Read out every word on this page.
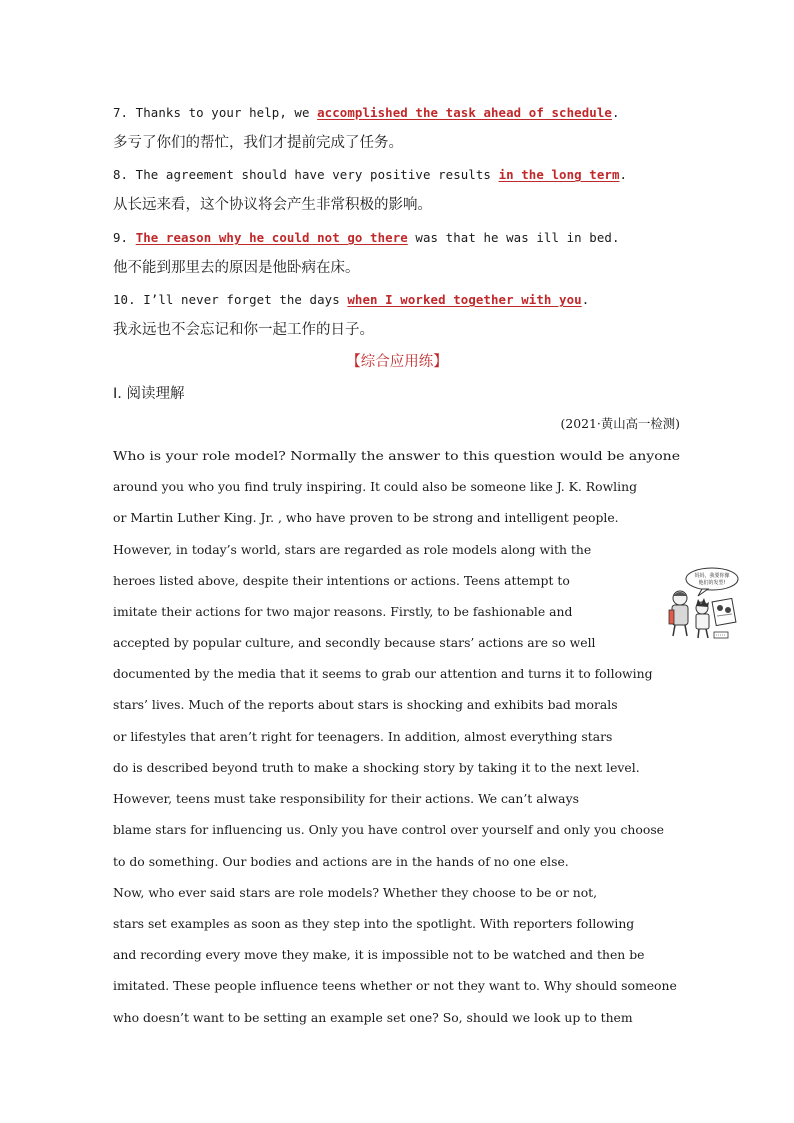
7. Thanks to your help, we accomplished the task ahead of schedule.
多亏了你们的帮忙，我们才提前完成了任务。
8. The agreement should have very positive results in the long term.
从长远来看，这个协议将会产生非常积极的影响。
9. The reason why he could not go there was that he was ill in bed.
他不能到那里去的原因是他卧病在床。
10. I’ll never forget the days when I worked together with you.
我永远也不会忘记和你一起工作的日子。
【综合应用练】
Ⅰ. 阅读理解
(2021·黄山高一检测)
Who is your role model? Normally the answer to this question would be anyone
around you who you find truly inspiring. It could also be someone like J. K. Rowling
or Martin Luther King. Jr. , who have proven to be strong and intelligent people.
However, in today’s world, stars are regarded as role models along with the
heroes listed above, despite their intentions or actions. Teens attempt to
imitate their actions for two major reasons. Firstly, to be fashionable and
accepted by popular culture, and secondly because stars’ actions are so well
documented by the media that it seems to grab our attention and turns it to following
stars’ lives. Much of the reports about stars is shocking and exhibits bad morals
or lifestyles that aren’t right for teenagers. In addition, almost everything stars
do is described beyond truth to make a shocking story by taking it to the next level.
However, teens must take responsibility for their actions. We can’t always
blame stars for influencing us. Only you have control over yourself and only you choose
to do something. Our bodies and actions are in the hands of no one else.
Now, who ever said stars are role models? Whether they choose to be or not,
stars set examples as soon as they step into the spotlight. With reporters following
and recording every move they make, it is impossible not to be watched and then be
imitated. These people influence teens whether or not they want to. Why should someone
who doesn’t want to be setting an example set one? So, should we look up to them
妈妈，我要你像
他们的发型!
